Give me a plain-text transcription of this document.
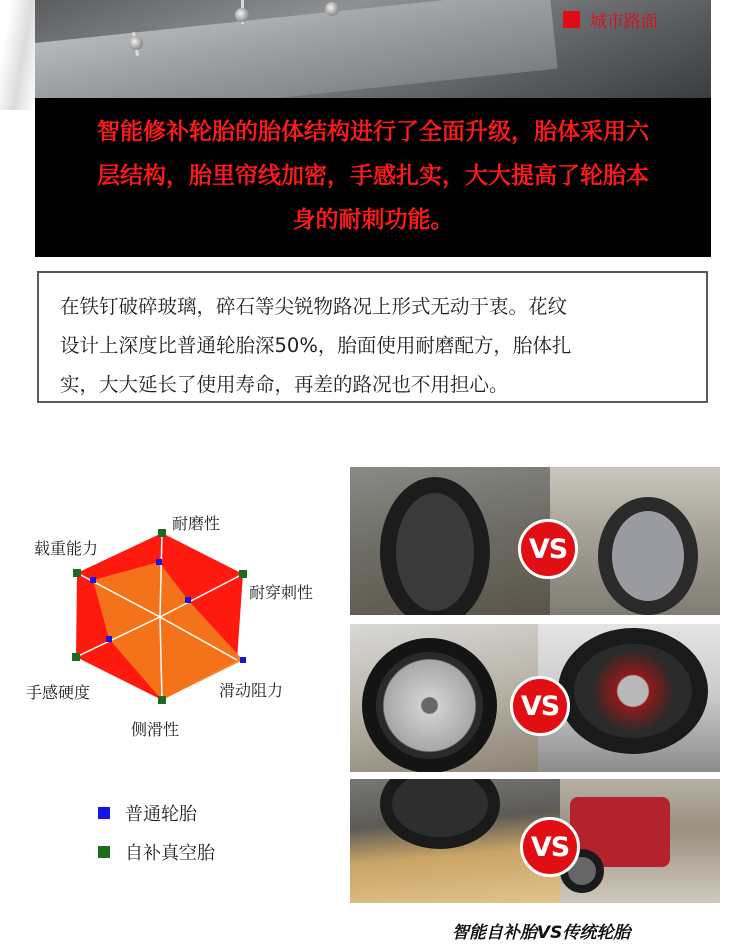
城市路面
智能修补轮胎的胎体结构进行了全面升级，胎体采用六
层结构，胎里帘线加密，手感扎实，大大提高了轮胎本
身的耐刺功能。
在铁钉破碎玻璃，碎石等尖锐物路况上形式无动于衷。花纹
设计上深度比普通轮胎深50%，胎面使用耐磨配方，胎体扎
实，大大延长了使用寿命，再差的路况也不用担心。
耐磨性
耐穿刺性
滑动阻力
侧滑性
手感硬度
载重能力
普通轮胎
自补真空胎
VS
VS
VS
智能自补胎VS传统轮胎
